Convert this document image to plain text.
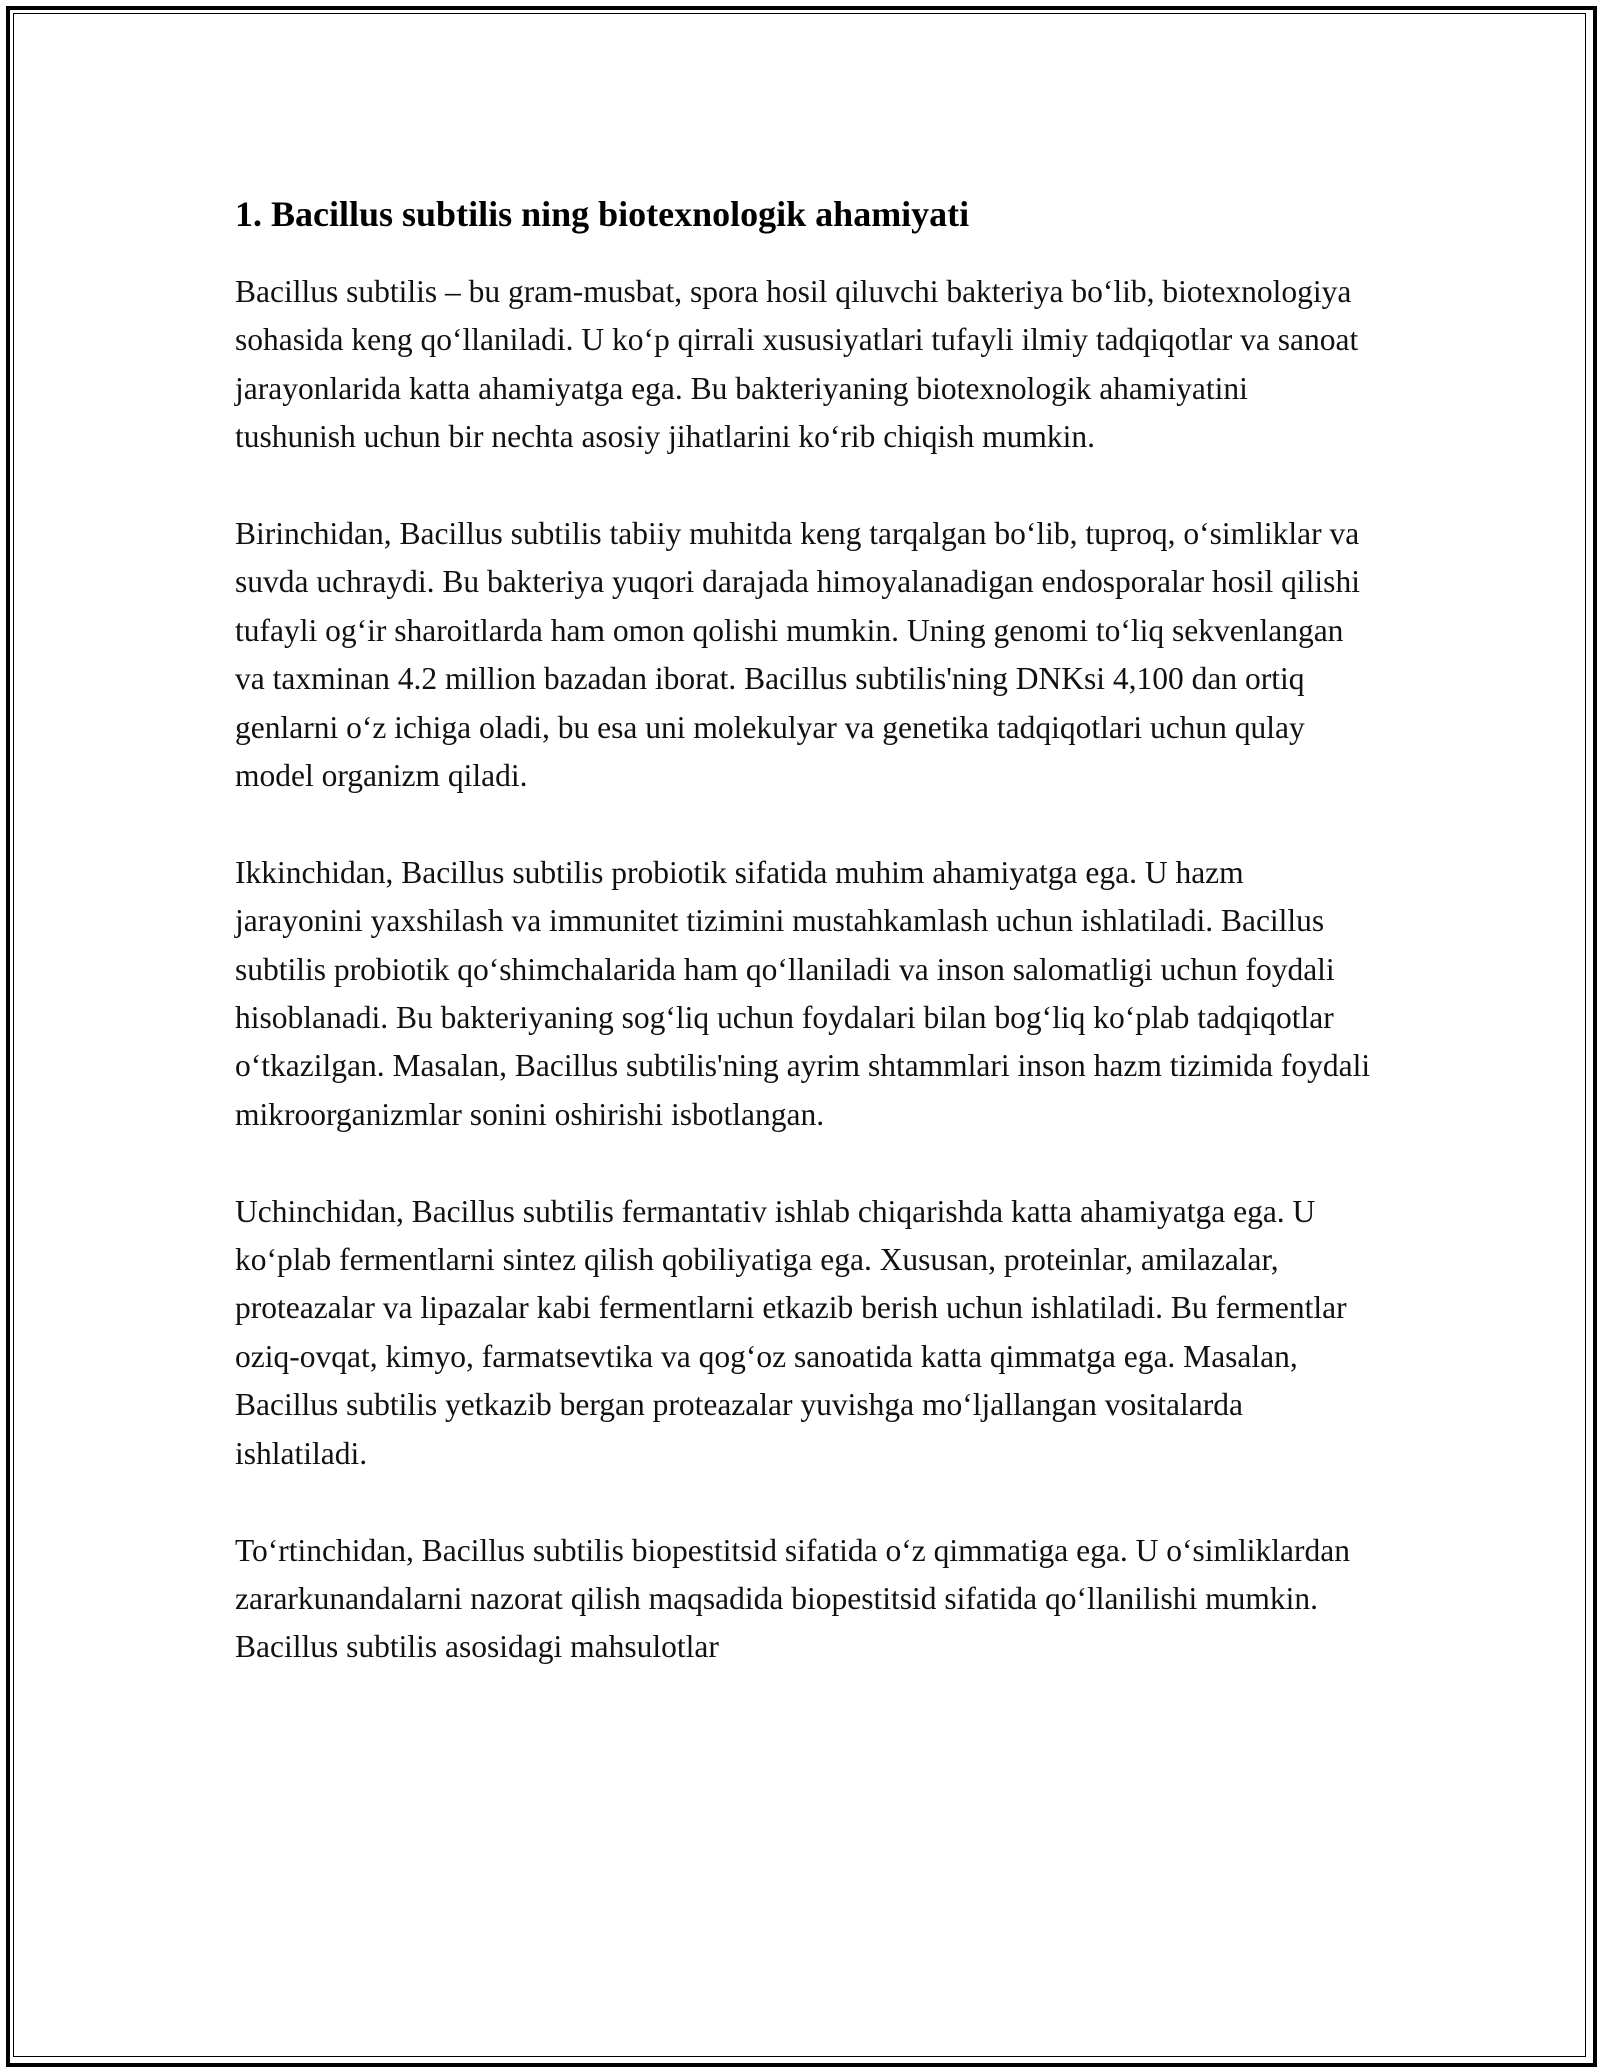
1. Bacillus subtilis ning biotexnologik ahamiyati

Bacillus subtilis – bu gram-musbat, spora hosil qiluvchi bakteriya bo‘lib, biotexnologiya sohasida keng qo‘llaniladi. U ko‘p qirrali xususiyatlari tufayli ilmiy tadqiqotlar va sanoat jarayonlarida katta ahamiyatga ega. Bu bakteriyaning biotexnologik ahamiyatini tushunish uchun bir nechta asosiy jihatlarini ko‘rib chiqish mumkin.

Birinchidan, Bacillus subtilis tabiiy muhitda keng tarqalgan bo‘lib, tuproq, o‘simliklar va suvda uchraydi. Bu bakteriya yuqori darajada himoyalanadigan endosporalar hosil qilishi tufayli og‘ir sharoitlarda ham omon qolishi mumkin. Uning genomi to‘liq sekvenlangan va taxminan 4.2 million bazadan iborat. Bacillus subtilis'ning DNKsi 4,100 dan ortiq genlarni o‘z ichiga oladi, bu esa uni molekulyar va genetika tadqiqotlari uchun qulay model organizm qiladi.

Ikkinchidan, Bacillus subtilis probiotik sifatida muhim ahamiyatga ega. U hazm jarayonini yaxshilash va immunitet tizimini mustahkamlash uchun ishlatiladi. Bacillus subtilis probiotik qo‘shimchalarida ham qo‘llaniladi va inson salomatligi uchun foydali hisoblanadi. Bu bakteriyaning sog‘liq uchun foydalari bilan bog‘liq ko‘plab tadqiqotlar o‘tkazilgan. Masalan, Bacillus subtilis'ning ayrim shtammlari inson hazm tizimida foydali mikroorganizmlar sonini oshirishi isbotlangan.

Uchinchidan, Bacillus subtilis fermantativ ishlab chiqarishda katta ahamiyatga ega. U ko‘plab fermentlarni sintez qilish qobiliyatiga ega. Xususan, proteinlar, amilazalar, proteazalar va lipazalar kabi fermentlarni etkazib berish uchun ishlatiladi. Bu fermentlar oziq-ovqat, kimyo, farmatsevtika va qog‘oz sanoatida katta qimmatga ega. Masalan, Bacillus subtilis yetkazib bergan proteazalar yuvishga mo‘ljallangan vositalarda ishlatiladi.

To‘rtinchidan, Bacillus subtilis biopestitsid sifatida o‘z qimmatiga ega. U o‘simliklardan zararkunandalarni nazorat qilish maqsadida biopestitsid sifatida qo‘llanilishi mumkin. Bacillus subtilis asosidagi mahsulotlar
